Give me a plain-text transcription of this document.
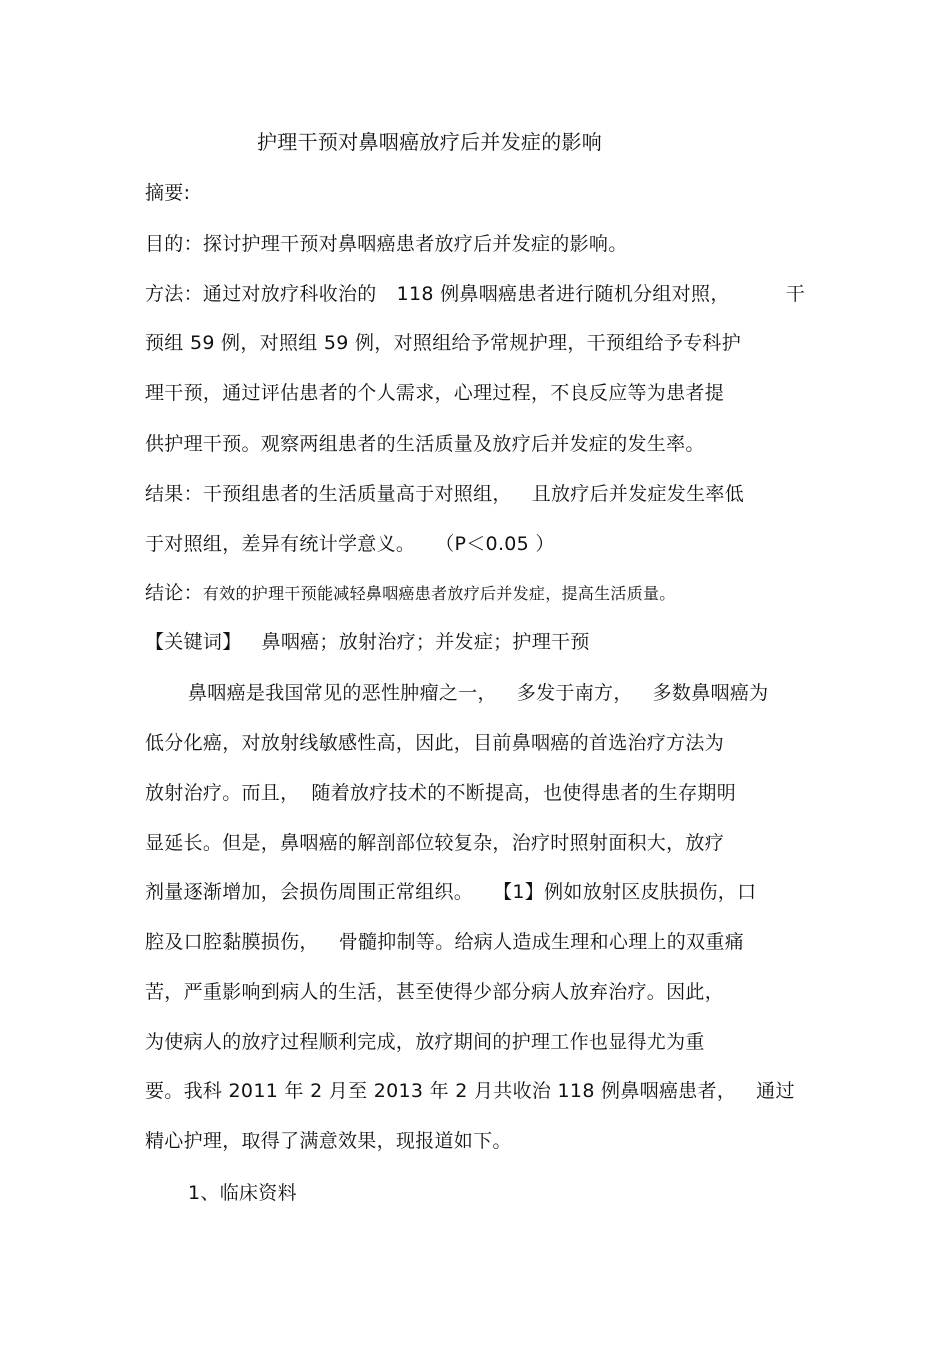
护理干预对鼻咽癌放疗后并发症的影响
摘要:
目的：探讨护理干预对鼻咽癌患者放疗后并发症的影响。
方法：通过对放疗科收治的 118 例鼻咽癌患者进行随机分组对照，	干
预组 59 例，对照组 59 例，对照组给予常规护理，干预组给予专科护
理干预，通过评估患者的个人需求，心理过程，不良反应等为患者提
供护理干预。观察两组患者的生活质量及放疗后并发症的发生率。
结果：干预组患者的生活质量高于对照组， 且放疗后并发症发生率低
于对照组，差异有统计学意义。 （P＜0.05 ）
结论：有效的护理干预能减轻鼻咽癌患者放疗后并发症，提高生活质量。
【关键词】 鼻咽癌；放射治疗；并发症；护理干预
鼻咽癌是我国常见的恶性肿瘤之一， 多发于南方， 多数鼻咽癌为
低分化癌，对放射线敏感性高，因此，目前鼻咽癌的首选治疗方法为
放射治疗。而且， 随着放疗技术的不断提高，也使得患者的生存期明
显延长。但是，鼻咽癌的解剖部位较复杂，治疗时照射面积大，放疗
剂量逐渐增加，会损伤周围正常组织。 【1】例如放射区皮肤损伤，口
腔及口腔黏膜损伤， 骨髓抑制等。给病人造成生理和心理上的双重痛
苦，严重影响到病人的生活，甚至使得少部分病人放弃治疗。因此，
为使病人的放疗过程顺利完成，放疗期间的护理工作也显得尤为重
要。我科 2011 年 2 月至 2013 年 2 月共收治 118 例鼻咽癌患者， 通过
精心护理，取得了满意效果，现报道如下。
1、临床资料
